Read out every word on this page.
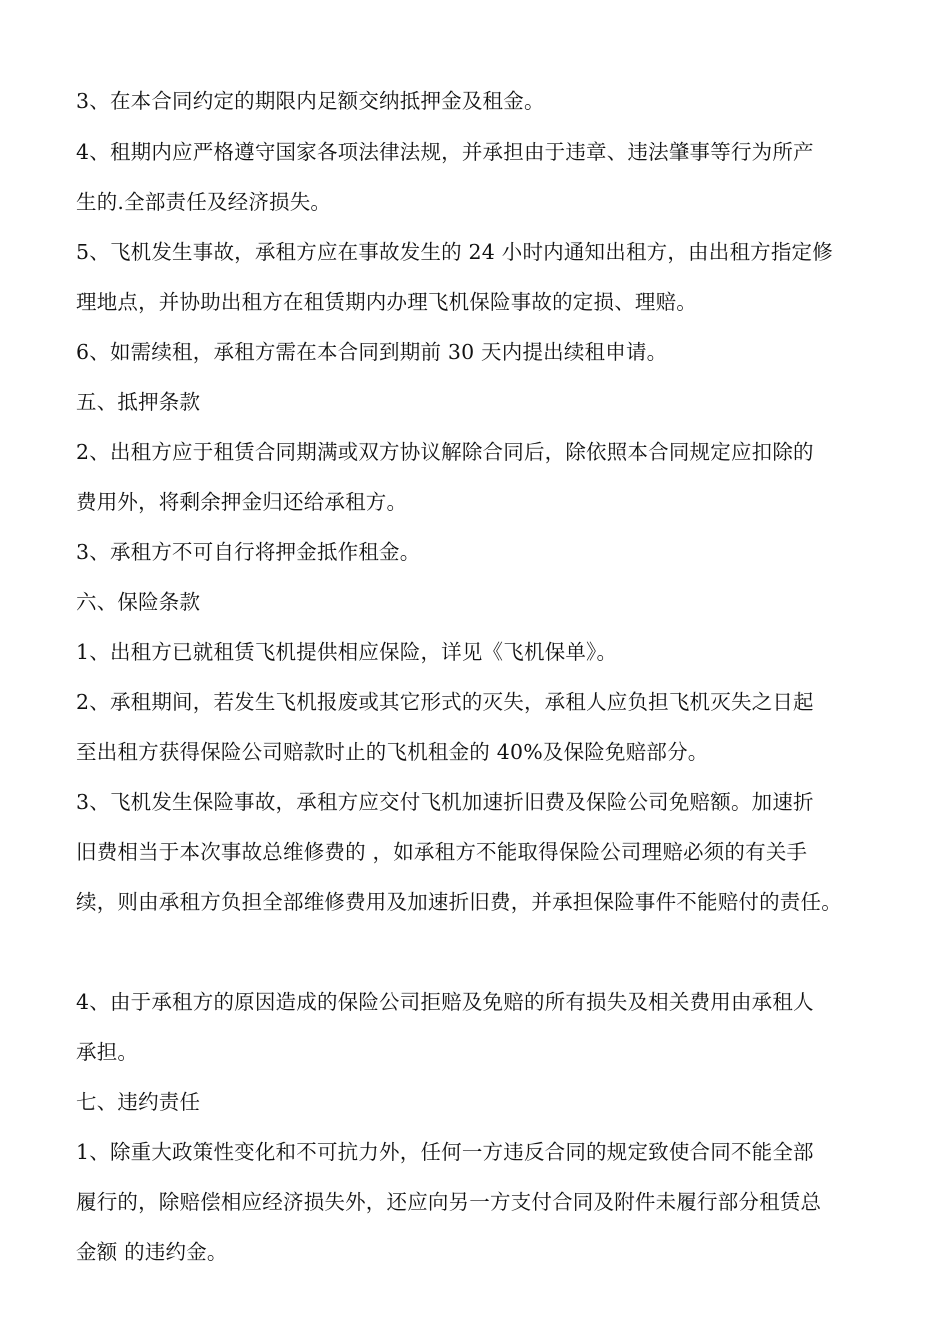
3、在本合同约定的期限内足额交纳抵押金及租金。
4、租期内应严格遵守国家各项法律法规，并承担由于违章、违法肇事等行为所产
生的.全部责任及经济损失。
5、飞机发生事故，承租方应在事故发生的 24 小时内通知出租方，由出租方指定修
理地点，并协助出租方在租赁期内办理飞机保险事故的定损、理赔。
6、如需续租，承租方需在本合同到期前 30 天内提出续租申请。
五、抵押条款
2、出租方应于租赁合同期满或双方协议解除合同后，除依照本合同规定应扣除的
费用外，将剩余押金归还给承租方。
3、承租方不可自行将押金抵作租金。
六、保险条款
1、出租方已就租赁飞机提供相应保险，详见《飞机保单》。
2、承租期间，若发生飞机报废或其它形式的灭失，承租人应负担飞机灭失之日起
至出租方获得保险公司赔款时止的飞机租金的 40%及保险免赔部分。
3、飞机发生保险事故，承租方应交付飞机加速折旧费及保险公司免赔额。加速折
旧费相当于本次事故总维修费的 ，如承租方不能取得保险公司理赔必须的有关手
续，则由承租方负担全部维修费用及加速折旧费，并承担保险事件不能赔付的责任。
4、由于承租方的原因造成的保险公司拒赔及免赔的所有损失及相关费用由承租人
承担。
七、违约责任
1、除重大政策性变化和不可抗力外，任何一方违反合同的规定致使合同不能全部
履行的，除赔偿相应经济损失外，还应向另一方支付合同及附件未履行部分租赁总
金额 的违约金。
